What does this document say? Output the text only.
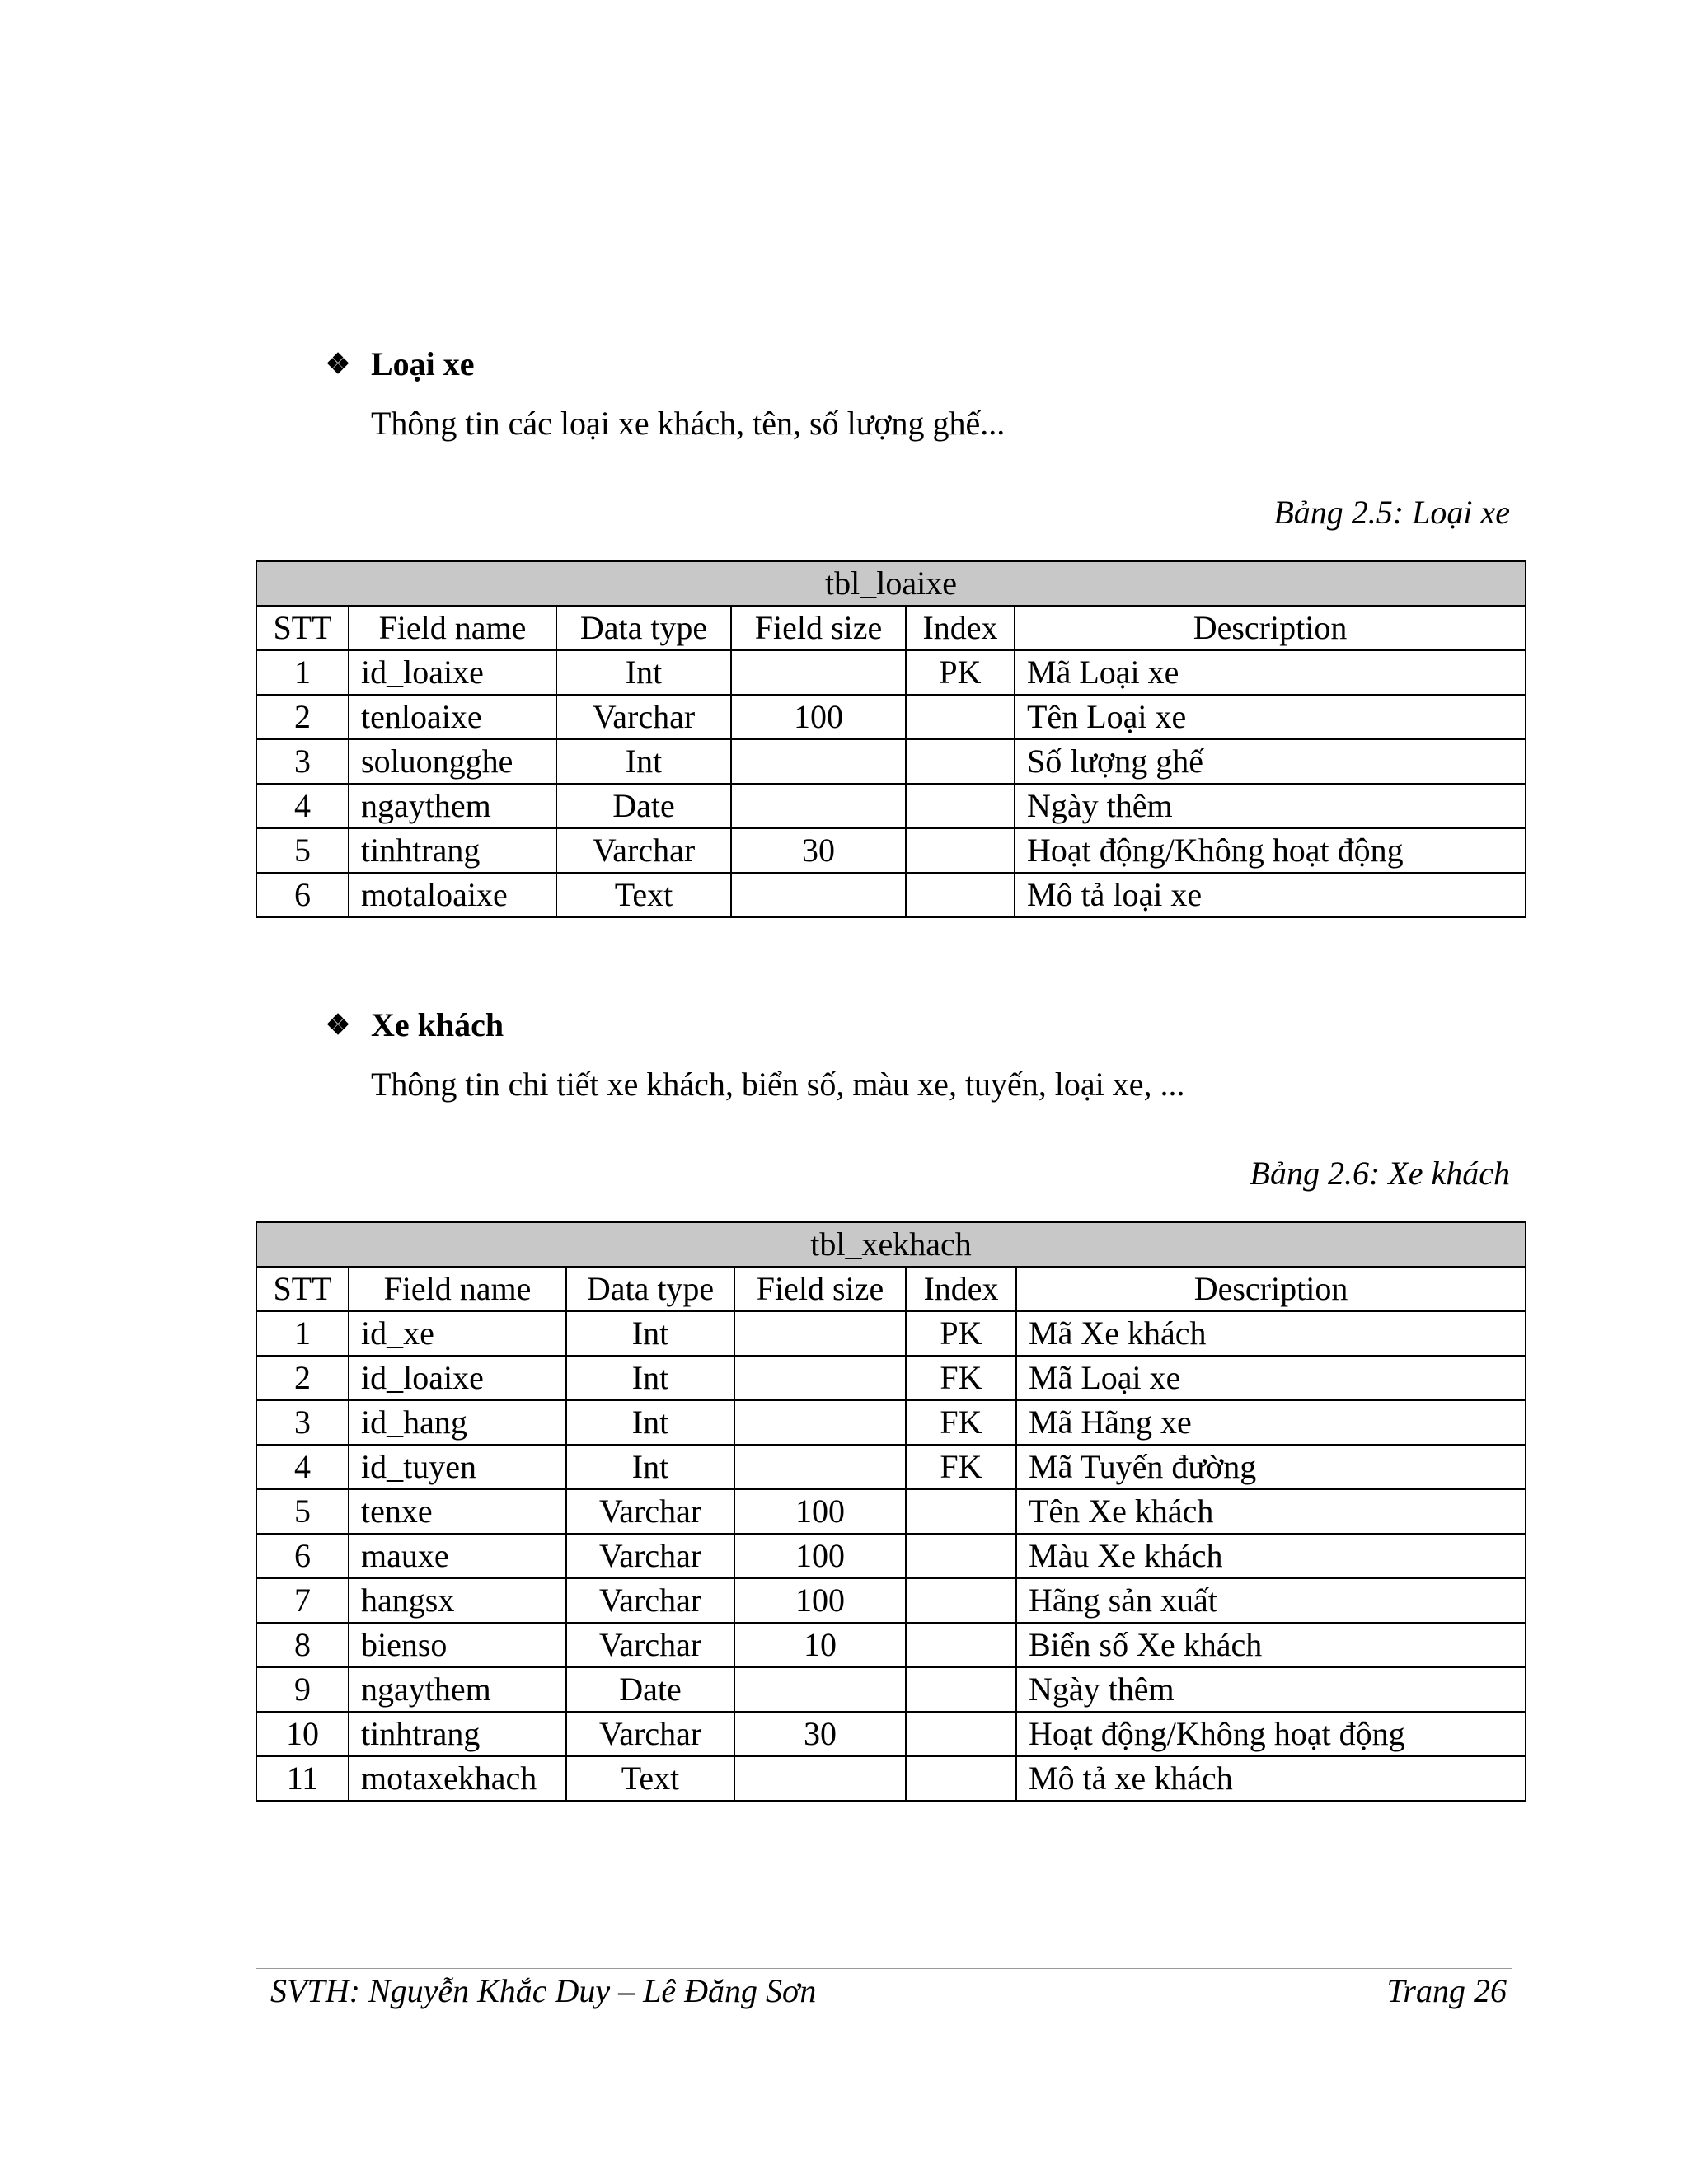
❖ Loại xe
Thông tin các loại xe khách, tên, số lượng ghế...
Bảng 2.5: Loại xe
tbl_loaixe					
STT	Field name	Data type	Field size	Index	Description
1	id_loaixe	Int		PK	Mã Loại xe
2	tenloaixe	Varchar	100		Tên Loại xe
3	soluongghe	Int			Số lượng ghế
4	ngaythem	Date			Ngày thêm
5	tinhtrang	Varchar	30		Hoạt động/Không hoạt động
6	motaloaixe	Text			Mô tả loại xe
❖ Xe khách
Thông tin chi tiết xe khách, biển số, màu xe, tuyến, loại xe, ...
Bảng 2.6: Xe khách
tbl_xekhach					
STT	Field name	Data type	Field size	Index	Description
1	id_xe	Int		PK	Mã Xe khách
2	id_loaixe	Int		FK	Mã Loại xe
3	id_hang	Int		FK	Mã Hãng xe
4	id_tuyen	Int		FK	Mã Tuyến đường
5	tenxe	Varchar	100		Tên Xe khách
6	mauxe	Varchar	100		Màu Xe khách
7	hangsx	Varchar	100		Hãng sản xuất
8	bienso	Varchar	10		Biển số Xe khách
9	ngaythem	Date			Ngày thêm
10	tinhtrang	Varchar	30		Hoạt động/Không hoạt động
11	motaxekhach	Text			Mô tả xe khách
SVTH: Nguyễn Khắc Duy – Lê Đăng Sơn	Trang 26
